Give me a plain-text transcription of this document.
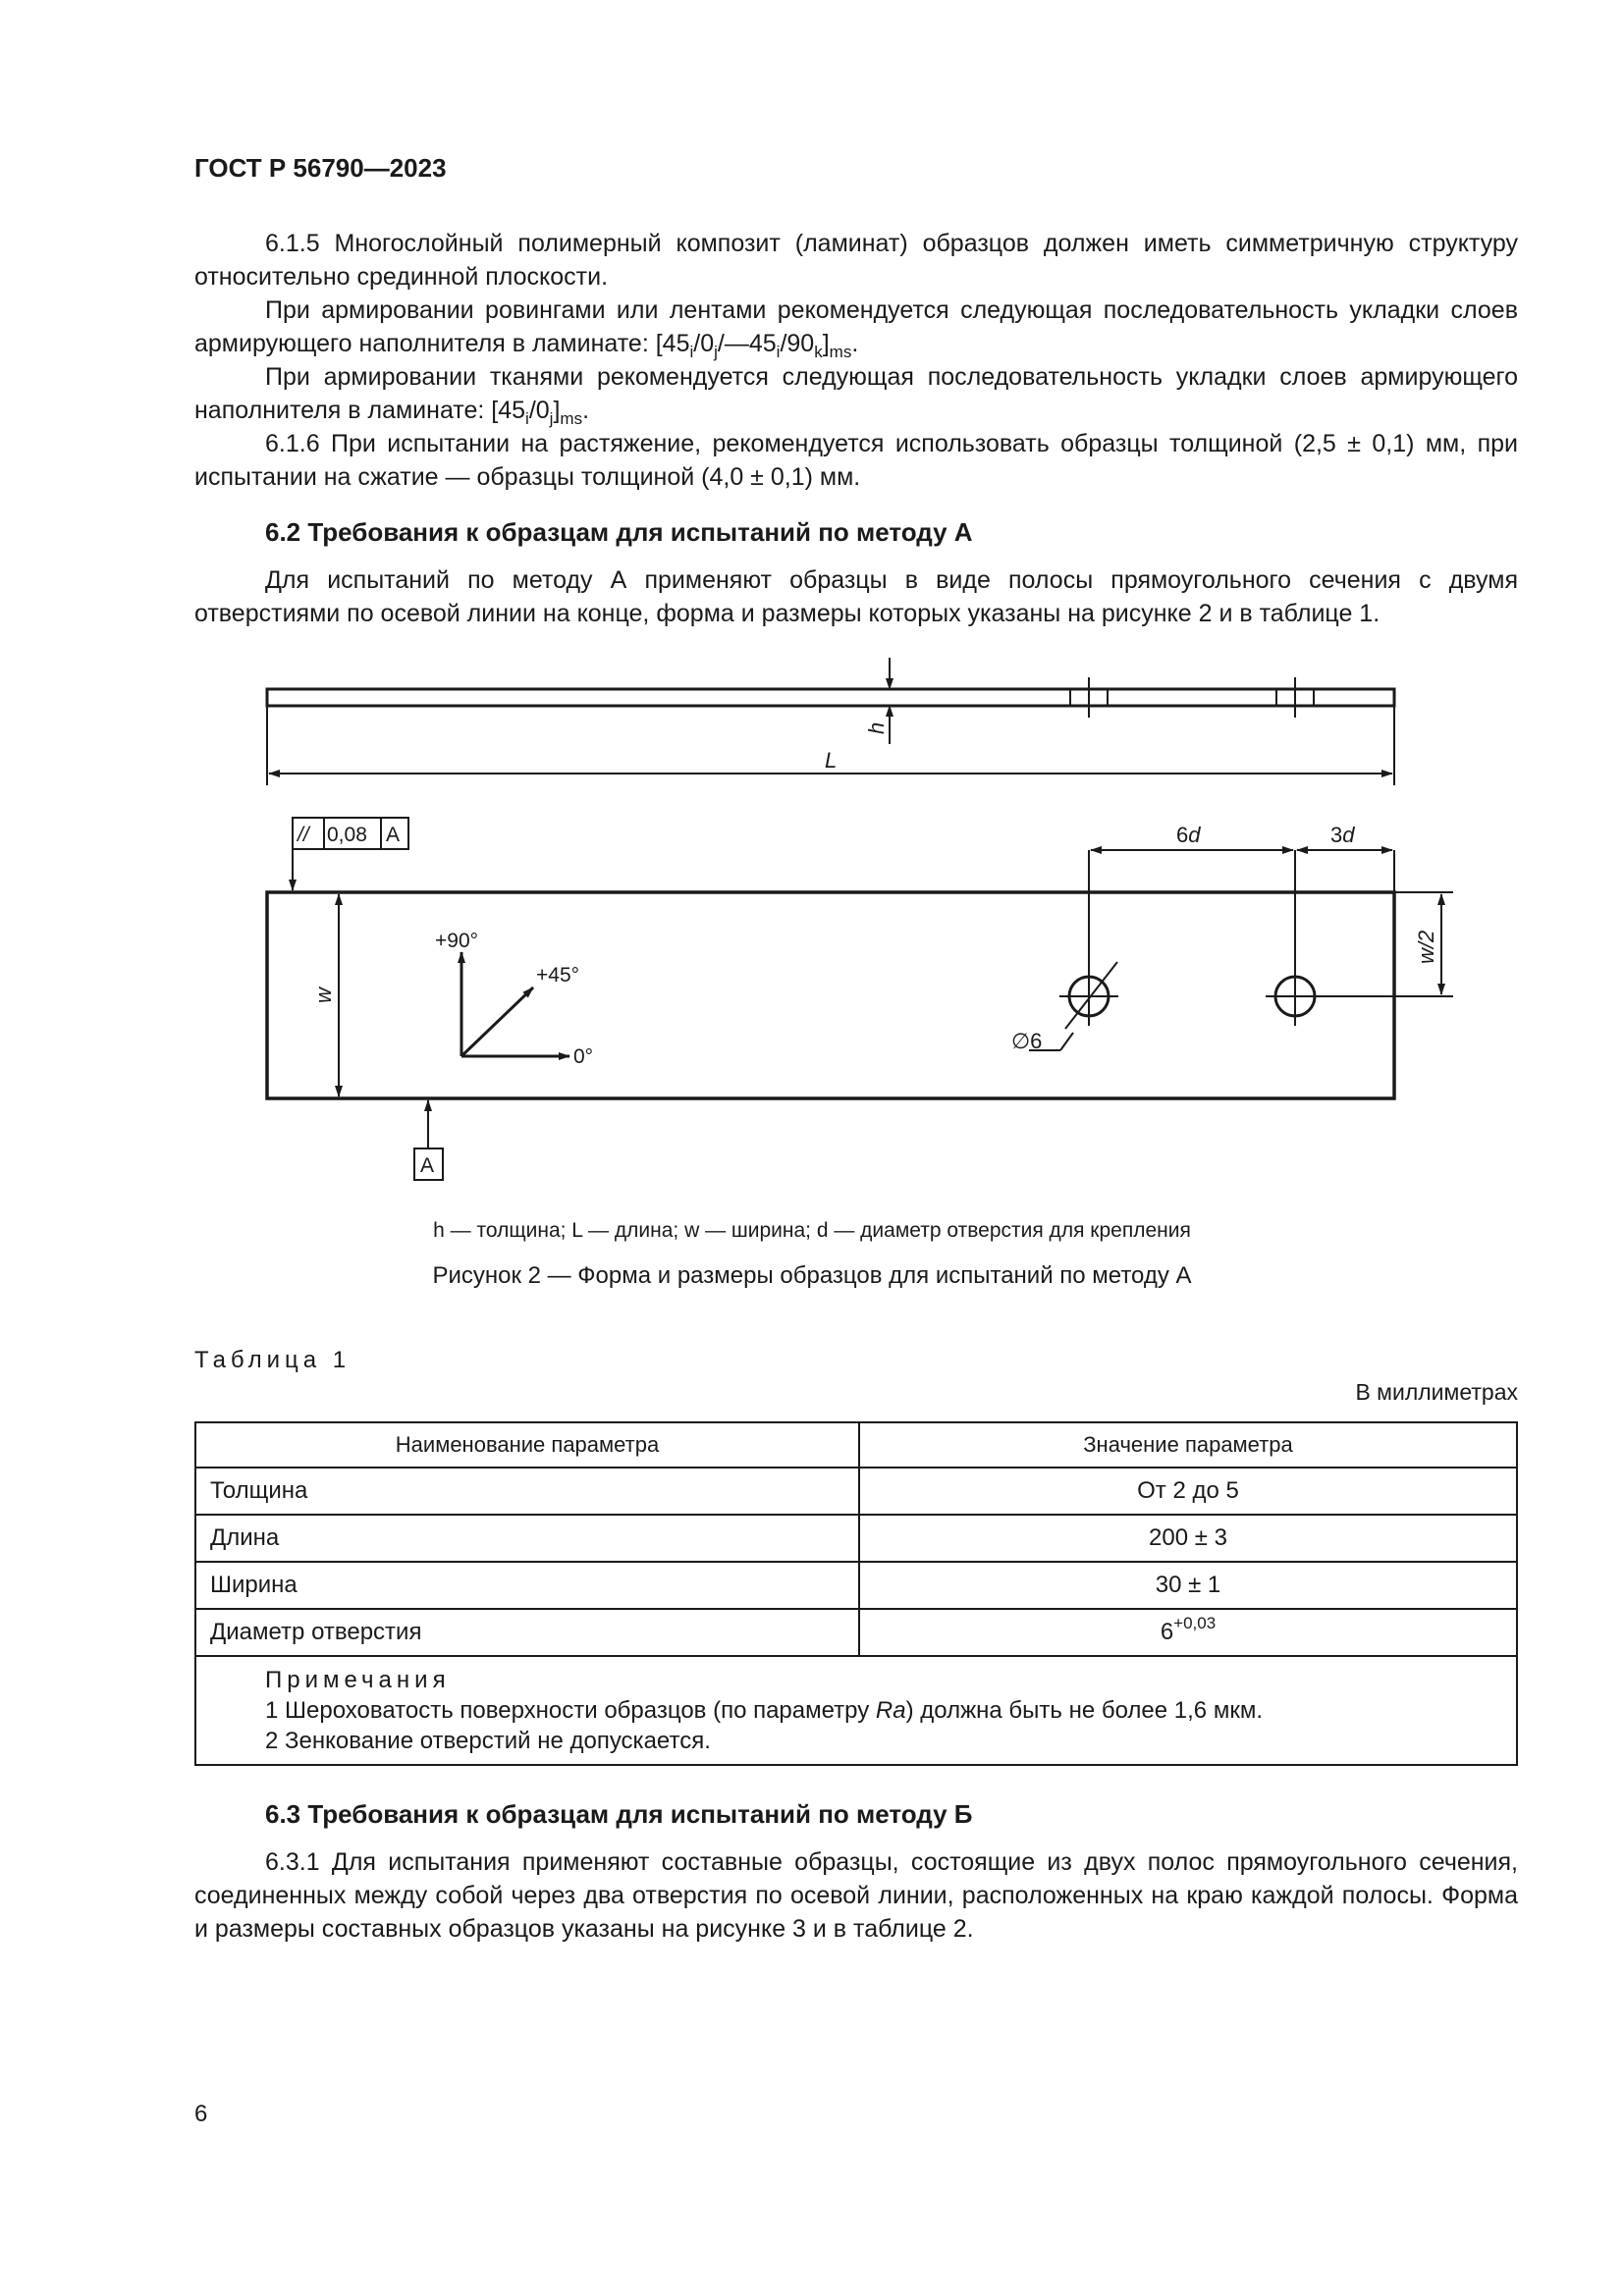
ГОСТ Р 56790—2023
6.1.5 Многослойный полимерный композит (ламинат) образцов должен иметь симметричную структуру относительно срединной плоскости.
При армировании ровингами или лентами рекомендуется следующая последовательность укладки слоев армирующего наполнителя в ламинате: $[45_i/0_j/—45_i/90_k]_{ms}$.
При армировании тканями рекомендуется следующая последовательность укладки слоев армирующего наполнителя в ламинате: $[45_i/0_j]_{ms}$.
6.1.6 При испытании на растяжение, рекомендуется использовать образцы толщиной (2,5 ± 0,1) мм, при испытании на сжатие — образцы толщиной (4,0 ± 0,1) мм.
6.2 Требования к образцам для испытаний по методу А
Для испытаний по методу А применяют образцы в виде полосы прямоугольного сечения с двумя отверстиями по осевой линии на конце, форма и размеры которых указаны на рисунке 2 и в таблице 1.
h
L
// 0,08 A
w
A
+90°
+45°
0°
∅6
6d	3d
w/2
h — толщина; L — длина; w — ширина; d — диаметр отверстия для крепления
Рисунок 2 — Форма и размеры образцов для испытаний по методу А
Таблица 1
В миллиметрах
Наименование параметра	Значение параметра
Толщина	От 2 до 5
Длина	200 ± 3
Ширина	30 ± 1
Диаметр отверстия	$6^{+0,03}$

Примечания
1 Шероховатость поверхности образцов (по параметру Ra) должна быть не более 1,6 мкм.
2 Зенкование отверстий не допускается.	
6.3 Требования к образцам для испытаний по методу Б
6.3.1 Для испытания применяют составные образцы, состоящие из двух полос прямоугольного сечения, соединенных между собой через два отверстия по осевой линии, расположенных на краю каждой полосы. Форма и размеры составных образцов указаны на рисунке 3 и в таблице 2.
6
